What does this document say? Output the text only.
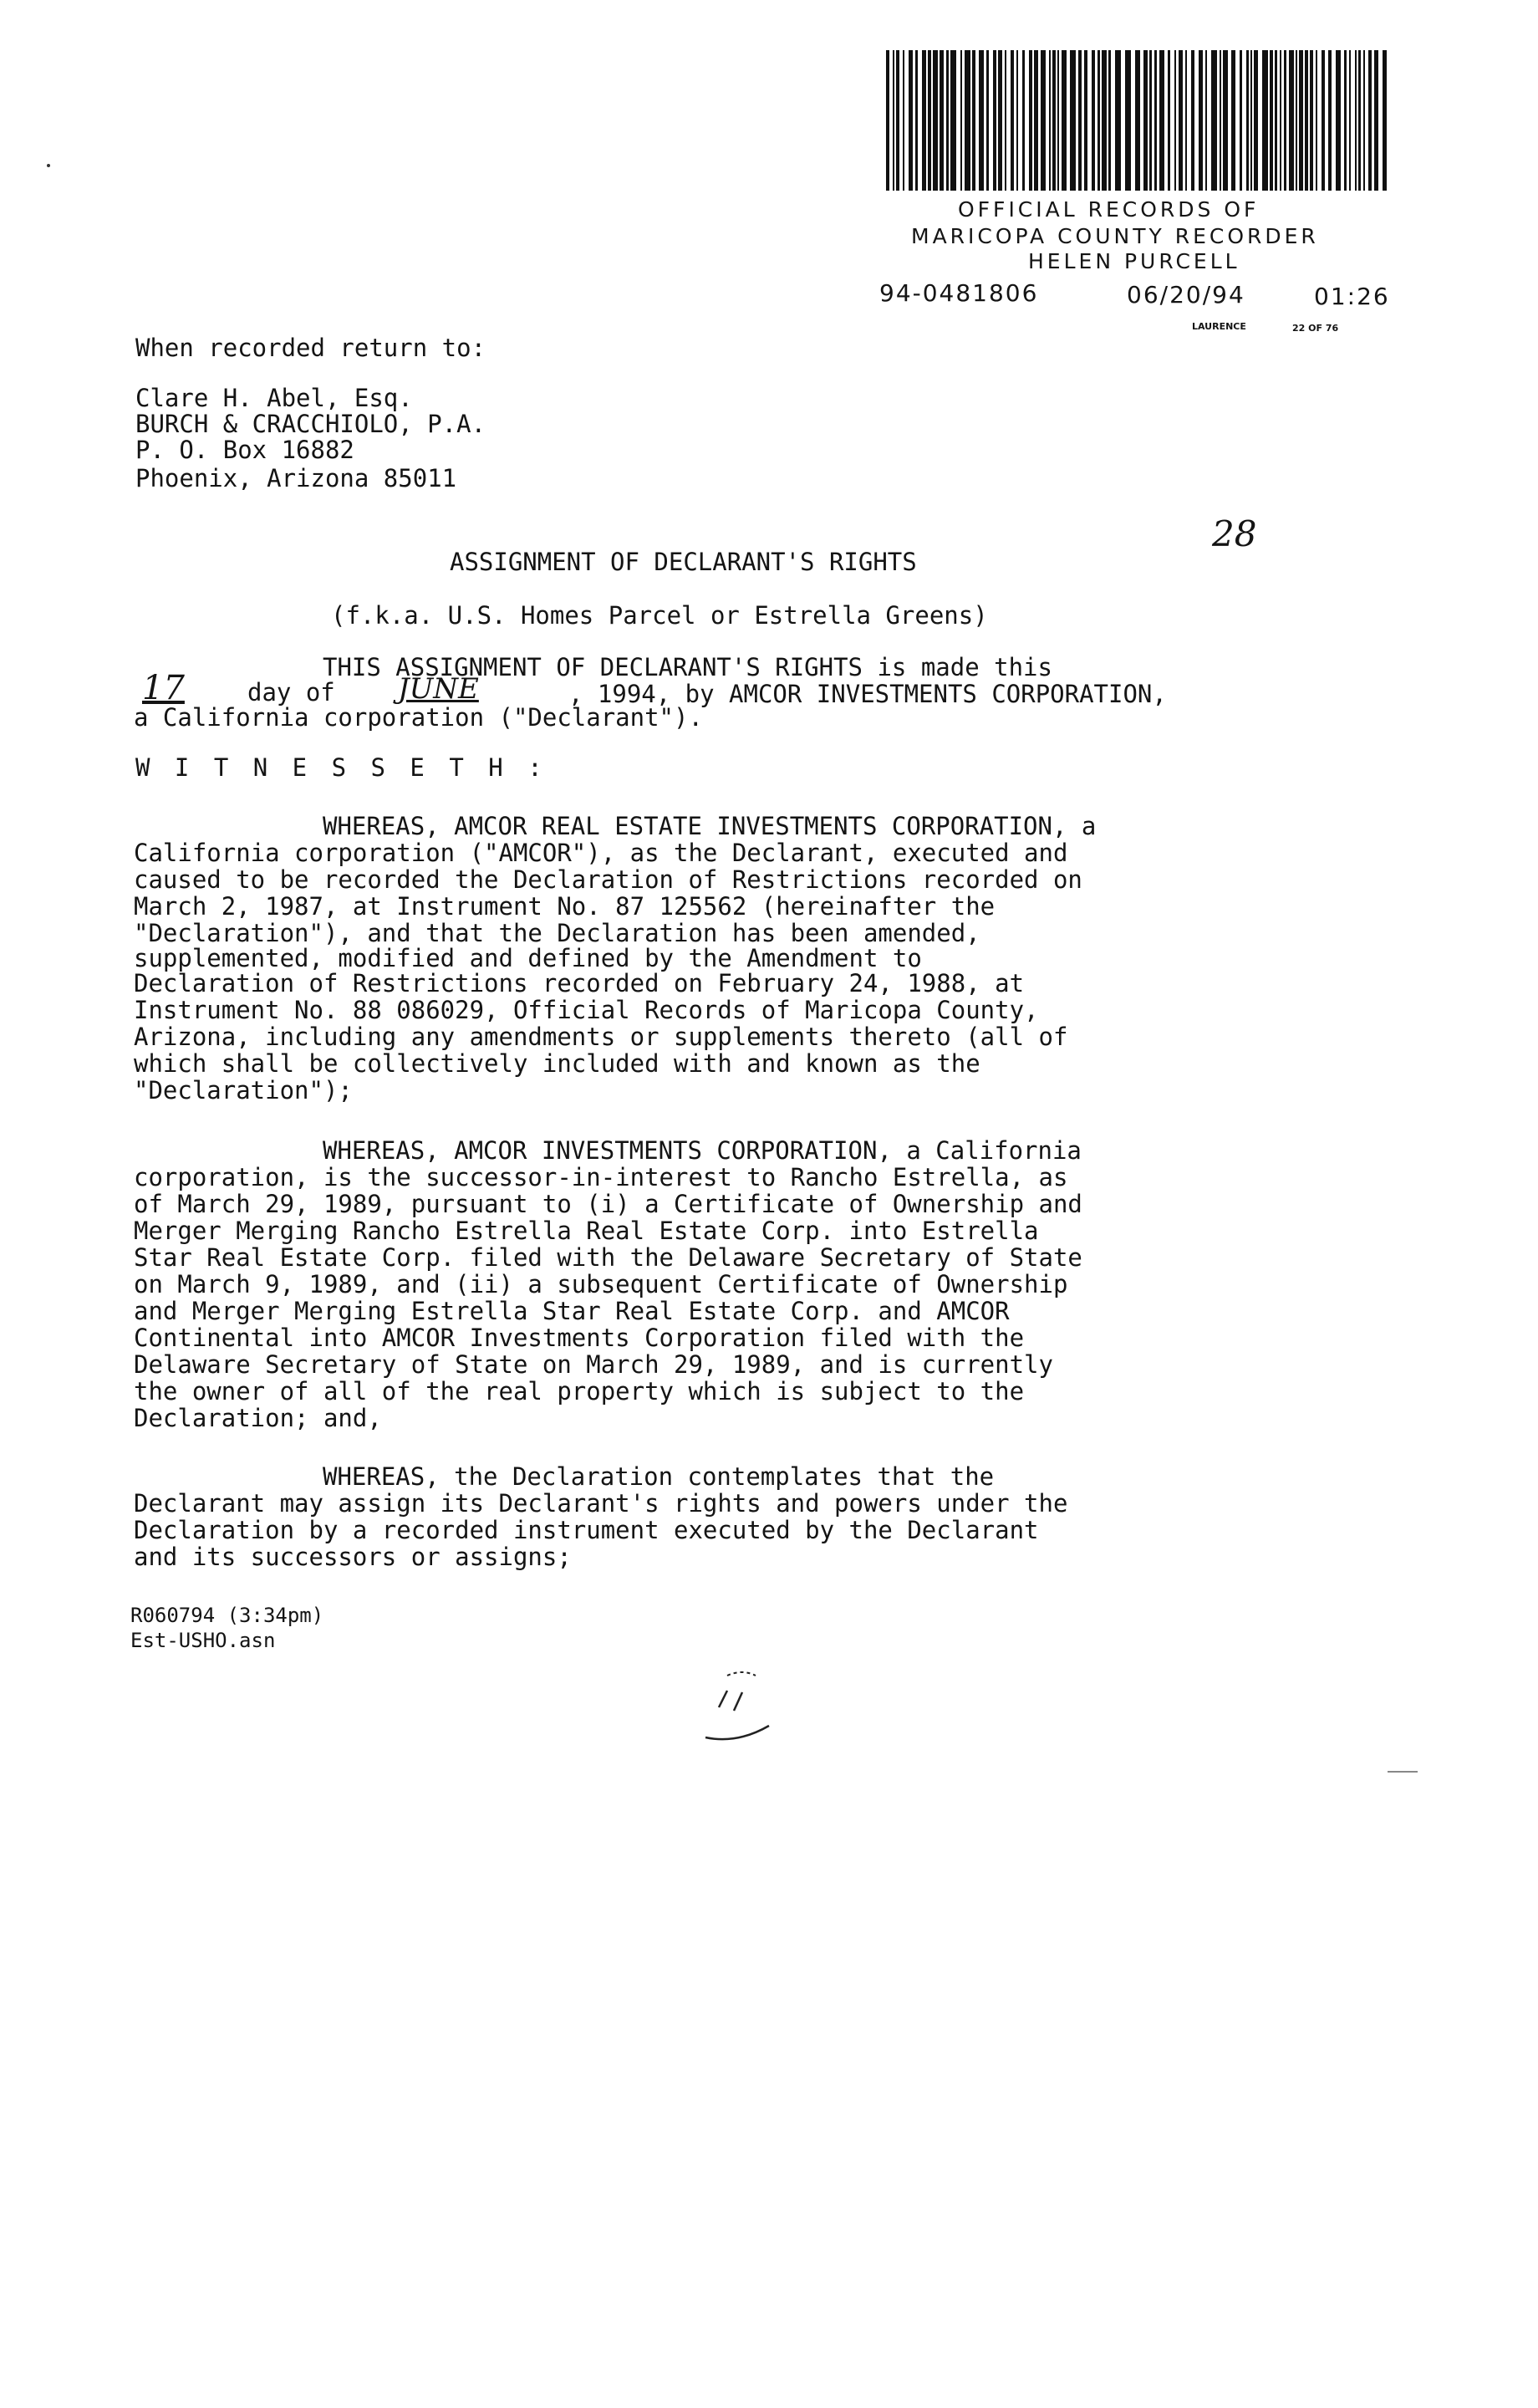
OFFICIAL RECORDS OF
MARICOPA COUNTY RECORDER
HELEN PURCELL
94-0481806	06/20/94	01:26
LAURENCE	22 OF 76
When recorded return to:
Clare H. Abel, Esq.
BURCH & CRACCHIOLO, P.A.
P. O. Box 16882
Phoenix, Arizona 85011
28
ASSIGNMENT OF DECLARANT'S RIGHTS
(f.k.a. U.S. Homes Parcel or Estrella Greens)
THIS ASSIGNMENT OF DECLARANT'S RIGHTS is made this
17	day of JUNE	, 1994, by AMCOR INVESTMENTS CORPORATION,
a California corporation ("Declarant").
W I T N E S S E T H :
WHEREAS, AMCOR REAL ESTATE INVESTMENTS CORPORATION, a
California corporation ("AMCOR"), as the Declarant, executed and
caused to be recorded the Declaration of Restrictions recorded on
March 2, 1987, at Instrument No. 87 125562 (hereinafter the
"Declaration"), and that the Declaration has been amended,
supplemented, modified and defined by the Amendment to
Declaration of Restrictions recorded on February 24, 1988, at
Instrument No. 88 086029, Official Records of Maricopa County,
Arizona, including any amendments or supplements thereto (all of
which shall be collectively included with and known as the
"Declaration");
WHEREAS, AMCOR INVESTMENTS CORPORATION, a California
corporation, is the successor-in-interest to Rancho Estrella, as
of March 29, 1989, pursuant to (i) a Certificate of Ownership and
Merger Merging Rancho Estrella Real Estate Corp. into Estrella
Star Real Estate Corp. filed with the Delaware Secretary of State
on March 9, 1989, and (ii) a subsequent Certificate of Ownership
and Merger Merging Estrella Star Real Estate Corp. and AMCOR
Continental into AMCOR Investments Corporation filed with the
Delaware Secretary of State on March 29, 1989, and is currently
the owner of all of the real property which is subject to the
Declaration; and,
WHEREAS, the Declaration contemplates that the
Declarant may assign its Declarant's rights and powers under the
Declaration by a recorded instrument executed by the Declarant
and its successors or assigns;
R060794 (3:34pm)
Est-USHO.asn
